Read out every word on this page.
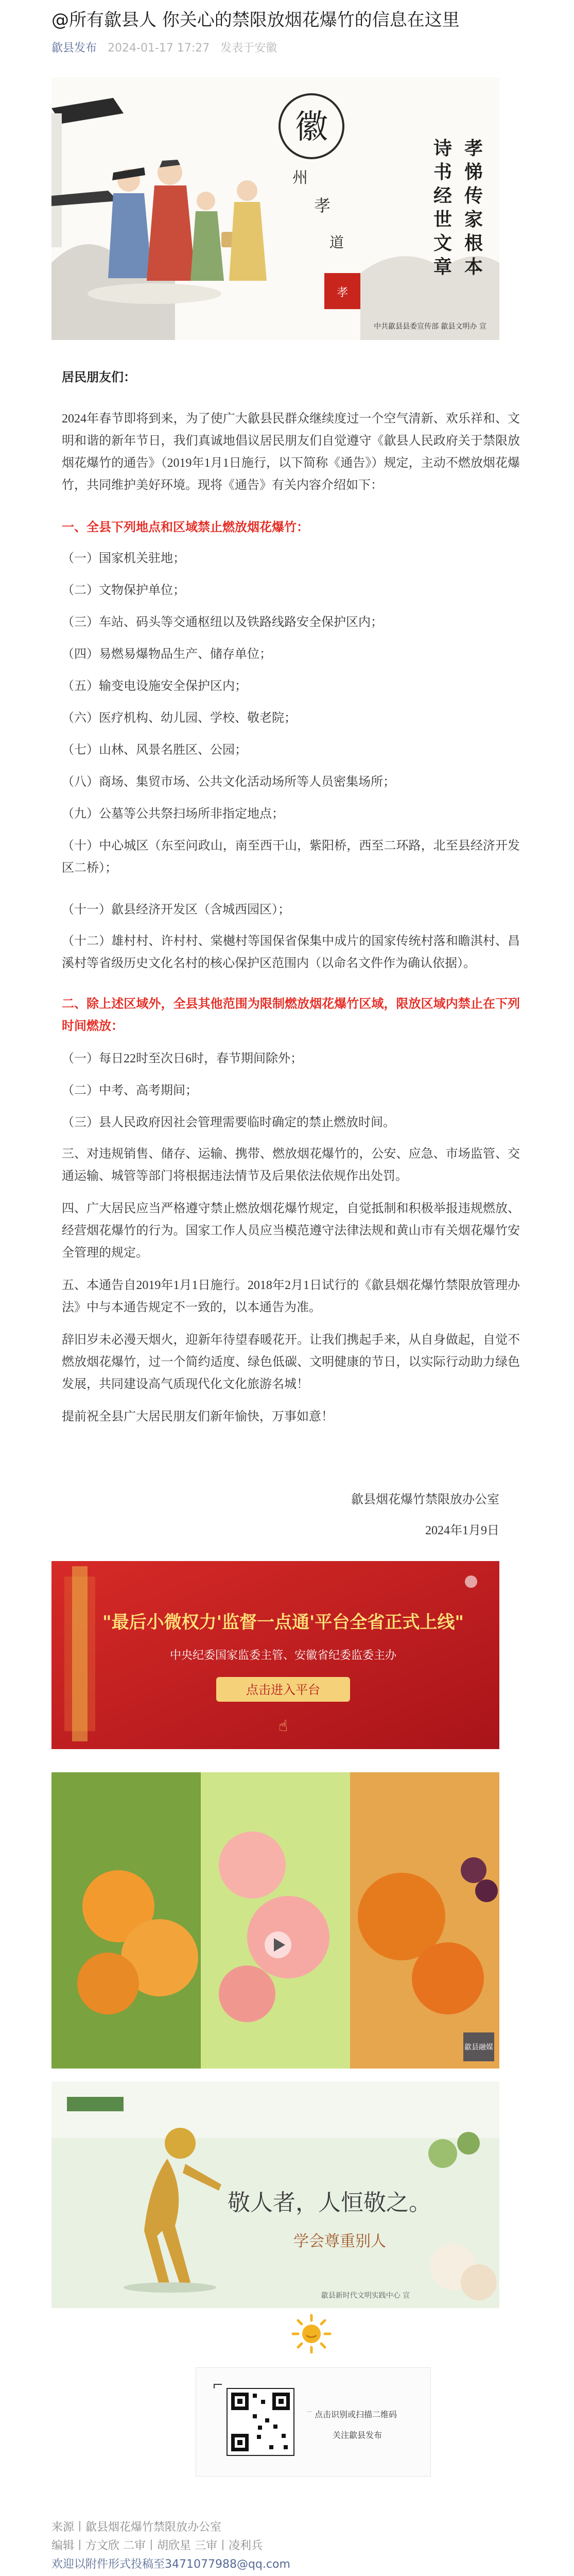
@所有歙县人 你关心的禁限放烟花爆竹的信息在这里
歙县发布 2024-01-17 17:27 发表于安徽
徽
州
孝
道
孝悌传家根本
诗书经世文章
孝
中共歙县县委宣传部 歙县文明办 宣
居民朋友们：
2024年春节即将到来，为了使广大歙县民群众继续度过一个空气清新、欢乐祥和、文明和谐的新年节日，我们真诚地倡议居民朋友们自觉遵守《歙县人民政府关于禁限放烟花爆竹的通告》（2019年1月1日施行，以下简称《通告》）规定，主动不燃放烟花爆竹，共同维护美好环境。现将《通告》有关内容介绍如下：
一、全县下列地点和区域禁止燃放烟花爆竹：
（一）国家机关驻地；
（二）文物保护单位；
（三）车站、码头等交通枢纽以及铁路线路安全保护区内；
（四）易燃易爆物品生产、储存单位；
（五）输变电设施安全保护区内；
（六）医疗机构、幼儿园、学校、敬老院；
（七）山林、风景名胜区、公园；
（八）商场、集贸市场、公共文化活动场所等人员密集场所；
（九）公墓等公共祭扫场所非指定地点；
（十）中心城区（东至问政山，南至西干山，紫阳桥，西至二环路，北至县经济开发区二桥）；
（十一）歙县经济开发区（含城西园区）；
（十二）雄村村、许村村、棠樾村等国保省保集中成片的国家传统村落和瞻淇村、昌溪村等省级历史文化名村的核心保护区范围内（以命名文件作为确认依据）。
二、除上述区域外，全县其他范围为限制燃放烟花爆竹区域，限放区域内禁止在下列时间燃放：
（一）每日22时至次日6时，春节期间除外；
（二）中考、高考期间；
（三）县人民政府因社会管理需要临时确定的禁止燃放时间。
三、对违规销售、储存、运输、携带、燃放烟花爆竹的，公安、应急、市场监管、交通运输、城管等部门将根据违法情节及后果依法依规作出处罚。
四、广大居民应当严格遵守禁止燃放烟花爆竹规定，自觉抵制和积极举报违规燃放、经营烟花爆竹的行为。国家工作人员应当模范遵守法律法规和黄山市有关烟花爆竹安全管理的规定。
五、本通告自2019年1月1日施行。2018年2月1日试行的《歙县烟花爆竹禁限放管理办法》中与本通告规定不一致的，以本通告为准。
辞旧岁未必漫天烟火，迎新年待望春暖花开。让我们携起手来，从自身做起，自觉不燃放烟花爆竹，过一个简约适度、绿色低碳、文明健康的节日，以实际行动助力绿色发展，共同建设高气质现代化文化旅游名城！
提前祝全县广大居民朋友们新年愉快，万事如意！
歙县烟花爆竹禁限放办公室
2024年1月9日
"最后小微权力'监督一点通'平台全省正式上线"
中央纪委国家监委主管、安徽省纪委监委主办
点击进入平台
☝
歙县融媒
敬人者，人恒敬之。
学会尊重别人
歙县新时代文明实践中心 宣
点击识别或扫描二维码
关注歙县发布
来源丨歙县烟花爆竹禁限放办公室
编辑丨方文欣 二审丨胡欣星 三审丨凌利兵
欢迎以附件形式投稿至3471077988@qq.com
